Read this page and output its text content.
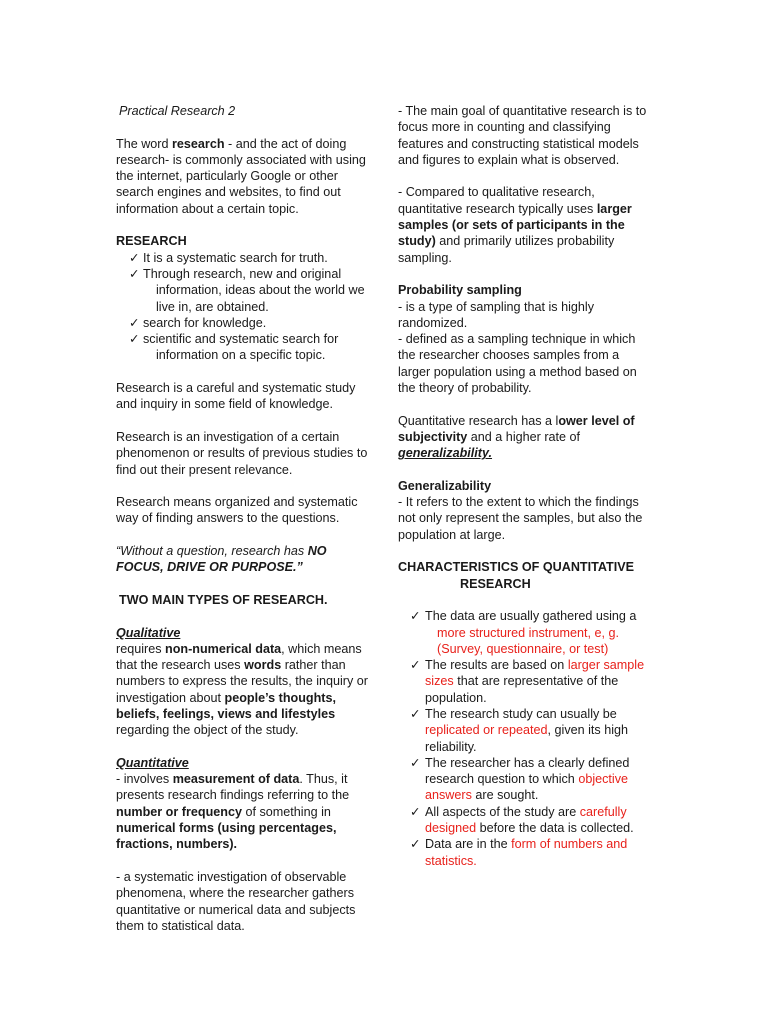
Practical Research 2

The word research - and the act of doing research- is commonly associated with using the internet, particularly Google or other search engines and websites, to find out information about a certain topic.

RESEARCH

✓ It is a systematic search for truth.
✓ Through research, new and original
information, ideas about the world we live in, are obtained.
✓ search for knowledge.
✓ scientific and systematic search for
information on a specific topic.

Research is a careful and systematic study and inquiry in some field of knowledge.

Research is an investigation of a certain phenomenon or results of previous studies to find out their present relevance.

Research means organized and systematic way of finding answers to the questions.

“Without a question, research has NO FOCUS, DRIVE OR PURPOSE.”

TWO MAIN TYPES OF RESEARCH.

Qualitative

requires non-numerical data, which means that the research uses words rather than numbers to express the results, the inquiry or investigation about people’s thoughts, beliefs, feelings, views and lifestyles regarding the object of the study.

Quantitative

- involves measurement of data. Thus, it presents research findings referring to the number or frequency of something in numerical forms (using percentages, fractions, numbers).

- a systematic investigation of observable phenomena, where the researcher gathers quantitative or numerical data and subjects them to statistical data.

- The main goal of quantitative research is to focus more in counting and classifying features and constructing statistical models and figures to explain what is observed.

- Compared to qualitative research, quantitative research typically uses larger samples (or sets of participants in the study) and primarily utilizes probability sampling.

Probability sampling

- is a type of sampling that is highly randomized.

- defined as a sampling technique in which the researcher chooses samples from a larger population using a method based on the theory of probability.

Quantitative research has a lower level of subjectivity and a higher rate of generalizability.

Generalizability

- It refers to the extent to which the findings not only represent the samples, but also the population at large.

CHARACTERISTICS OF QUANTITATIVE
RESEARCH

✓ The data are usually gathered using a
more structured instrument, e, g. (Survey, questionnaire, or test)
✓ The results are based on larger sample sizes that are representative of the population.
✓ The research study can usually be replicated or repeated, given its high reliability.
✓ The researcher has a clearly defined research question to which objective answers are sought.
✓ All aspects of the study are carefully designed before the data is collected.
✓ Data are in the form of numbers and statistics.
